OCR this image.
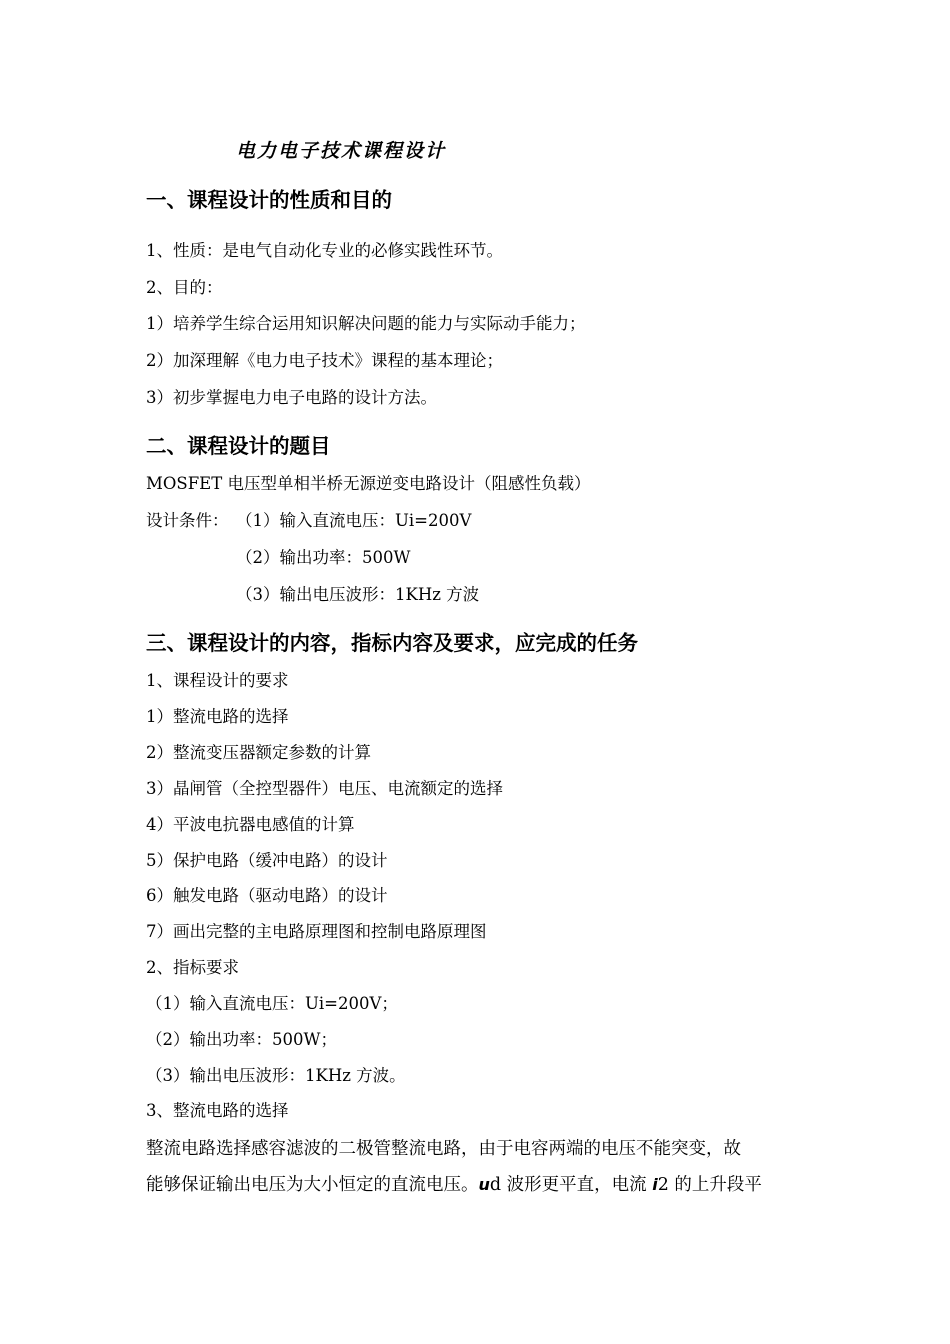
电力电子技术课程设计
一、课程设计的性质和目的
1、性质：是电气自动化专业的必修实践性环节。
2、目的：
1）培养学生综合运用知识解决问题的能力与实际动手能力；
2）加深理解《电力电子技术》课程的基本理论；
3）初步掌握电力电子电路的设计方法。
二、课程设计的题目
MOSFET 电压型单相半桥无源逆变电路设计（阻感性负载）
设计条件： （1）输入直流电压：Ui=200V
（2）输出功率：500W
（3）输出电压波形：1KHz 方波
三、课程设计的内容，指标内容及要求，应完成的任务
1、课程设计的要求
1）整流电路的选择
2）整流变压器额定参数的计算
3）晶闸管（全控型器件）电压、电流额定的选择
4）平波电抗器电感值的计算
5）保护电路（缓冲电路）的设计
6）触发电路（驱动电路）的设计
7）画出完整的主电路原理图和控制电路原理图
2、指标要求
（1）输入直流电压：Ui=200V；
（2）输出功率：500W；
（3）输出电压波形：1KHz 方波。
3、整流电路的选择
整流电路选择感容滤波的二极管整流电路，由于电容两端的电压不能突变，故
能够保证输出电压为大小恒定的直流电压。ud 波形更平直，电流 i2 的上升段平
